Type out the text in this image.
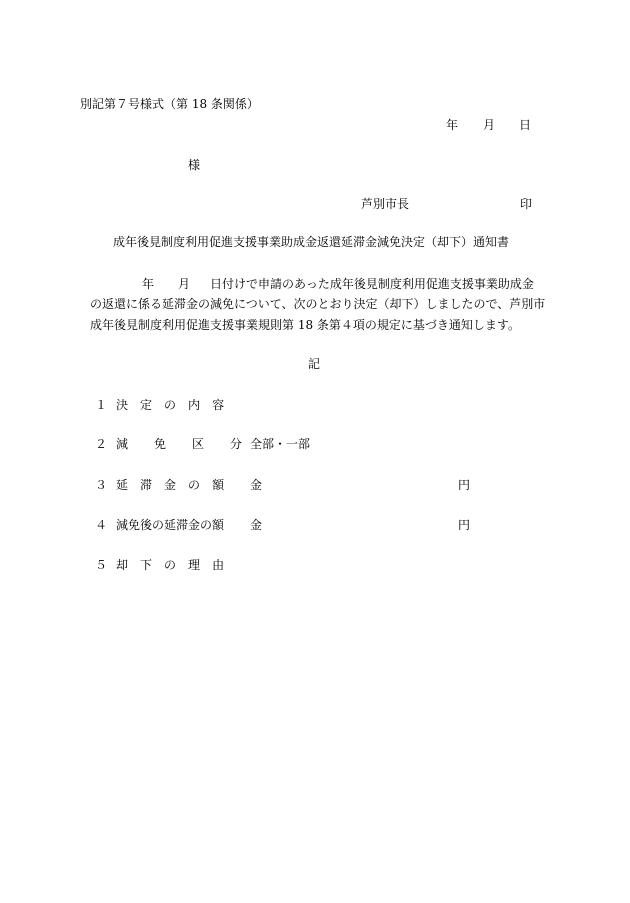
別記第７号様式（第 18 条関係）
年 月 日
様
芦別市長	印
成年後見制度利用促進支援事業助成金返還延滞金減免決定（却下）通知書
年 月 日付けで申請のあった成年後見制度利用促進支援事業助成金
の返還に係る延滞金の減免について、次のとおり決定（却下）しましたので、芦別市
成年後見制度利用促進支援事業規則第 18 条第４項の規定に基づき通知します。
記
１ 決 定 の 内 容
２ 減 免 区 分 全部・一部
３ 延 滞 金 の 額 金	円
４ 減免後の延滞金の額 金	円
５ 却 下 の 理 由
